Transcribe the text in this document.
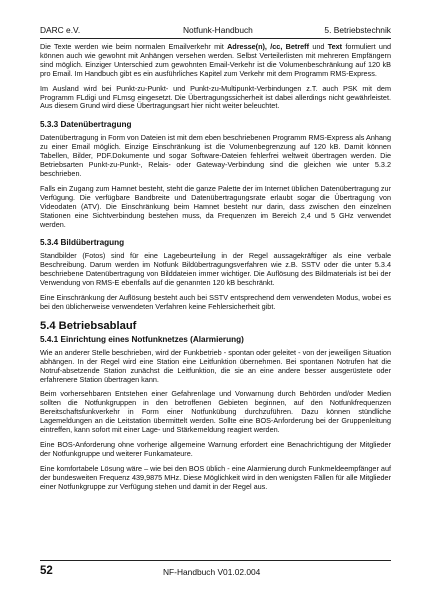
DARC e.V.	Notfunk-Handbuch	5. Betriebstechnik

Die Texte werden wie beim normalen Emailverkehr mit Adresse(n), /cc, Betreff und Text formuliert und können auch wie gewohnt mit Anhängen versehen werden. Selbst Verteilerlisten mit mehreren Empfängern sind möglich. Einziger Unterschied zum gewohnten Email-Verkehr ist die Volumenbeschränkung auf 120 kB pro Email. Im Handbuch gibt es ein ausführliches Kapitel zum Verkehr mit dem Programm RMS-Express.

Im Ausland wird bei Punkt-zu-Punkt- und Punkt-zu-Multipunkt-Verbindungen z.T. auch PSK mit dem Programm FLdigi und FLmsg eingesetzt. Die Übertragungssicherheit ist dabei allerdings nicht gewährleistet. Aus diesem Grund wird diese Übertragungsart hier nicht weiter beleuchtet.

5.3.3 Datenübertragung

Datenübertragung in Form von Dateien ist mit dem eben beschriebenen Programm RMS-Express als Anhang zu einer Email möglich. Einzige Einschränkung ist die Volumenbegrenzung auf 120 kB. Damit können Tabellen, Bilder, PDF.Dokumente und sogar Software-Dateien fehlerfrei weltweit übertragen werden. Die Betriebsarten Punkt-zu-Punkt-, Relais- oder Gateway-Verbindung sind die gleichen wie unter 5.3.2 beschrieben.

Falls ein Zugang zum Hamnet besteht, steht die ganze Palette der im Internet üblichen Datenübertragung zur Verfügung. Die verfügbare Bandbreite und Datenübertragungsrate erlaubt sogar die Übertragung von Videodaten (ATV). Die Einschränkung beim Hamnet besteht nur darin, dass zwischen den einzelnen Stationen eine Sichtverbindung bestehen muss, da Frequenzen im Bereich 2,4 und 5 GHz verwendet werden.

5.3.4 Bildübertragung

Standbilder (Fotos) sind für eine Lagebeurteilung in der Regel aussagekräftiger als eine verbale Beschreibung. Darum werden im Notfunk Bildübertragungsverfahren wie z.B. SSTV oder die unter 5.3.4 beschriebene Datenübertragung von Bilddateien immer wichtiger. Die Auflösung des Bildmaterials ist bei der Verwendung von RMS-E ebenfalls auf die genannten 120 kB beschränkt.

Eine Einschränkung der Auflösung besteht auch bei SSTV entsprechend dem verwendeten Modus, wobei es bei den üblicherweise verwendeten Verfahren keine Fehlersicherheit gibt.

5.4 Betriebsablauf
5.4.1 Einrichtung eines Notfunknetzes (Alarmierung)

Wie an anderer Stelle beschrieben, wird der Funkbetrieb - spontan oder geleitet - von der jeweiligen Situation abhängen. In der Regel wird eine Station eine Leitfunktion übernehmen. Bei spontanen Notrufen hat die Notruf-absetzende Station zunächst die Leitfunktion, die sie an eine andere besser ausgerüstete oder erfahrenere Station übertragen kann.

Beim vorhersehbaren Entstehen einer Gefahrenlage und Vorwarnung durch Behörden und/oder Medien sollten die Notfunkgruppen in den betroffenen Gebieten beginnen, auf den Notfunkfrequenzen Bereitschaftsfunkverkehr in Form einer Notfunkübung durchzuführen. Dazu können stündliche Lagemeldungen an die Leitstation übermittelt werden. Sollte eine BOS-Anforderung bei der Gruppenleitung eintreffen, kann sofort mit einer Lage- und Stärkemeldung reagiert werden.

Eine BOS-Anforderung ohne vorherige allgemeine Warnung erfordert eine Benachrichtigung der Mitglieder der Notfunkgruppe und weiterer Funkamateure.

Eine komfortabele Lösung wäre – wie bei den BOS üblich - eine Alarmierung durch Funkmeldeempfänger auf der bundesweiten Frequenz 439,9875 MHz. Diese Möglichkeit wird in den wenigsten Fällen für alle Mitglieder einer Notfunkgruppe zur Verfügung stehen und damit in der Regel aus.

52	NF-Handbuch V01.02.004
